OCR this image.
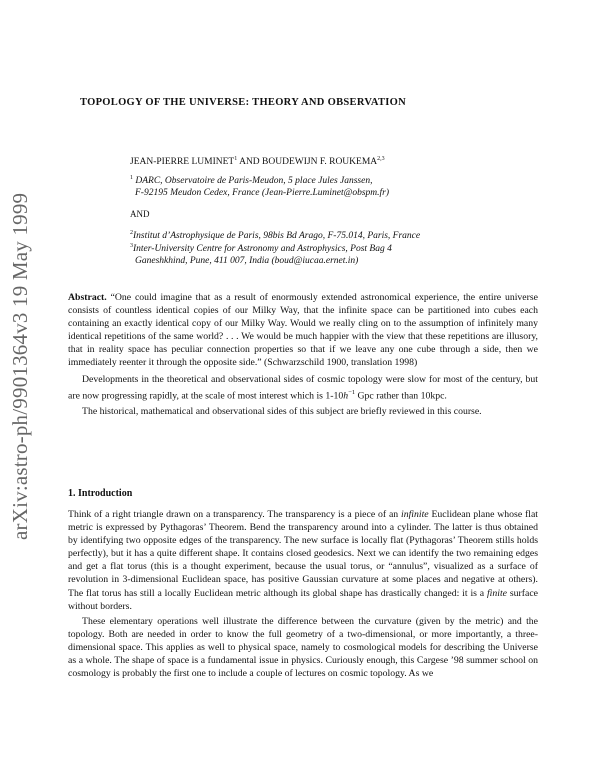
arXiv:astro-ph/9901364v3 19 May 1999
TOPOLOGY OF THE UNIVERSE: THEORY AND OBSERVATION
JEAN-PIERRE LUMINET$^1$ AND BOUDEWIJN F. ROUKEMA$^{2,3}$
$^1$ DARC, Observatoire de Paris-Meudon, 5 place Jules Janssen,
F-92195 Meudon Cedex, France (Jean-Pierre.Luminet@obspm.fr)
AND
$^2$Institut d’Astrophysique de Paris, 98bis Bd Arago, F-75.014, Paris, France
$^3$Inter-University Centre for Astronomy and Astrophysics, Post Bag 4
Ganeshkhind, Pune, 411 007, India (boud@iucaa.ernet.in)
Abstract. “One could imagine that as a result of enormously extended astronomical experience, the entire universe consists of countless identical copies of our Milky Way, that the infinite space can be partitioned into cubes each containing an exactly identical copy of our Milky Way. Would we really cling on to the assumption of infinitely many identical repetitions of the same world? . . . We would be much happier with the view that these repetitions are illusory, that in reality space has peculiar connection properties so that if we leave any one cube through a side, then we immediately reenter it through the opposite side.” (Schwarzschild 1900, translation 1998)
Developments in the theoretical and observational sides of cosmic topology were slow for most of the century, but are now progressing rapidly, at the scale of most interest which is $1-10h^{-1}$ Gpc rather than 10kpc.
The historical, mathematical and observational sides of this subject are briefly reviewed in this course.
1. Introduction
Think of a right triangle drawn on a transparency. The transparency is a piece of an infinite Euclidean plane whose flat metric is expressed by Pythagoras’ Theorem. Bend the transparency around into a cylinder. The latter is thus obtained by identifying two opposite edges of the transparency. The new surface is locally flat (Pythagoras’ Theorem stills holds perfectly), but it has a quite different shape. It contains closed geodesics. Next we can identify the two remaining edges and get a flat torus (this is a thought experiment, because the usual torus, or “annulus”, visualized as a surface of revolution in 3-dimensional Euclidean space, has positive Gaussian curvature at some places and negative at others). The flat torus has still a locally Euclidean metric although its global shape has drastically changed: it is a finite surface without borders.
These elementary operations well illustrate the difference between the curvature (given by the metric) and the topology. Both are needed in order to know the full geometry of a two-dimensional, or more importantly, a three-dimensional space. This applies as well to physical space, namely to cosmological models for describing the Universe as a whole. The shape of space is a fundamental issue in physics. Curiously enough, this Cargese ’98 summer school on cosmology is probably the first one to include a couple of lectures on cosmic topology. As we
